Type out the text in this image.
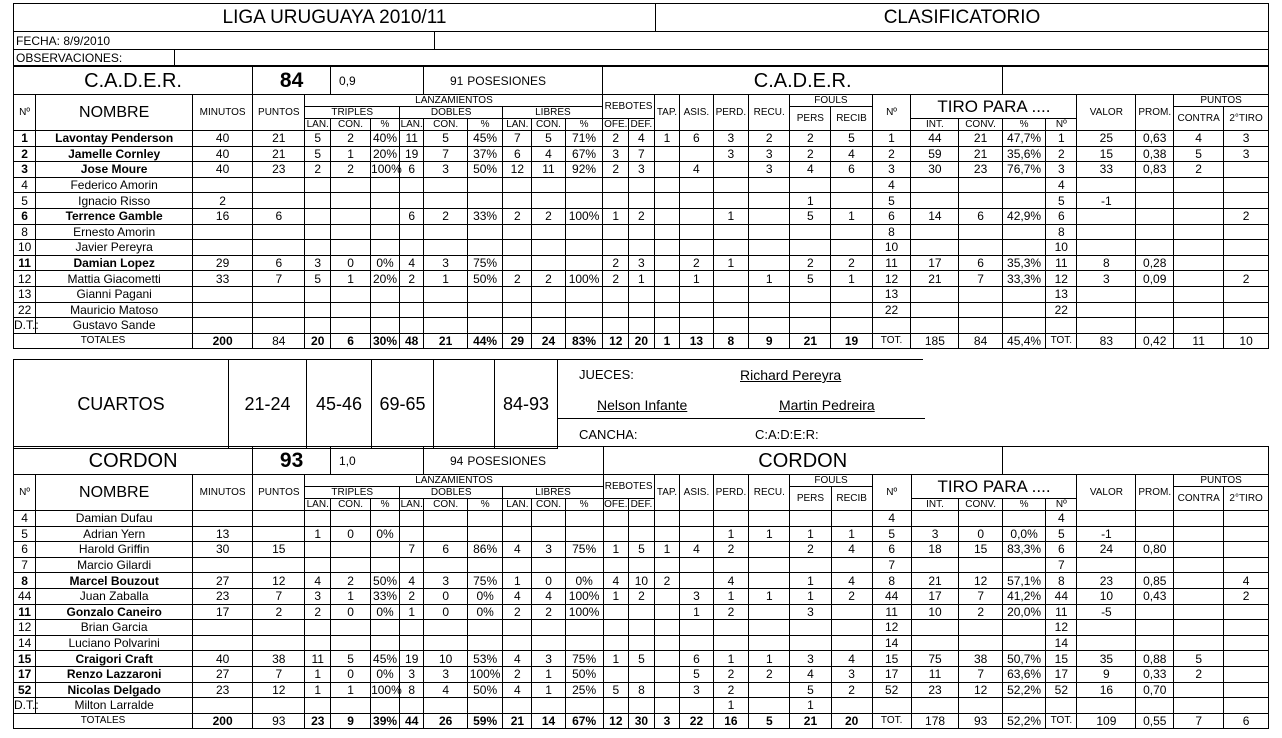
LIGA URUGUAYA 2010/11	CLASIFICATORIO
FECHA: 8/9/2010
OBSERVACIONES:
C.A.D.E.R.			84		0,9			91	POSESIONES				C.A.D.E.R.																
Nº	NOMBRE	MINUTOS	PUNTOS	LANZAMIENTOS									REBOTES		TAP.	ASIS.	PERD.	RECU.	FOULS		Nº	TIRO PARA ....				VALOR	PROM.	PUNTOS	
				TRIPLES			DOBLES			LIBRES									PERS	RECIB								CONTRA	2°TIRO
				LAN.	CON.	%	LAN.	CON.	%	LAN.	CON.	%	OFE.	DEF.								INT.	CONV.	%	Nº				
1	Lavontay Penderson	40	21	5	2	40%	11	5	45%	7	5	71%	2	4	1	6	3	2	2	5	1	44	21	47,7%	1	25	0,63	4	3
2	Jamelle Cornley	40	21	5	1	20%	19	7	37%	6	4	67%	3	7			3	3	2	4	2	59	21	35,6%	2	15	0,38	5	3
3	Jose Moure	40	23	2	2	100%	6	3	50%	12	11	92%	2	3		4		3	4	6	3	30	23	76,7%	3	33	0,83	2	
4	Federico Amorin																				4				4				
5	Ignacio Risso	2																	1		5				5	-1			
6	Terrence Gamble	16	6				6	2	33%	2	2	100%	1	2			1		5	1	6	14	6	42,9%	6				2
8	Ernesto Amorin																				8				8				
10	Javier Pereyra																				10				10				
11	Damian Lopez	29	6	3	0	0%	4	3	75%				2	3		2	1		2	2	11	17	6	35,3%	11	8	0,28		
12	Mattia Giacometti	33	7	5	1	20%	2	1	50%	2	2	100%	2	1		1		1	5	1	12	21	7	33,3%	12	3	0,09		2
13	Gianni Pagani																				13				13				
22	Mauricio Matoso																				22				22				
D.T.:	Gustavo Sande																												
TOTALES		200	84	20	6	30%	48	21	44%	29	24	83%	12	20	1	13	8	9	21	19	TOT.	185	84	45,4%	TOT.	83	0,42	11	10
CUARTOS	21-24	45-46	69-65		84-93	
JUECES:	Richard Pereyra
Nelson Infante	Martin Pedreira
CANCHA:	C:A:D:E:R:
CORDON			93		1,0			94	POSESIONES				CORDON																
Nº	NOMBRE	MINUTOS	PUNTOS	LANZAMIENTOS									REBOTES		TAP.	ASIS.	PERD.	RECU.	FOULS		Nº	TIRO PARA ....				VALOR	PROM.	PUNTOS	
				TRIPLES			DOBLES			LIBRES									PERS	RECIB								CONTRA	2°TIRO
				LAN.	CON.	%	LAN.	CON.	%	LAN.	CON.	%	OFE.	DEF.								INT.	CONV.	%	Nº				
4	Damian Dufau																				4				4				
5	Adrian Yern	13		1	0	0%											1	1	1	1	5	3	0	0,0%	5	-1			
6	Harold Griffin	30	15				7	6	86%	4	3	75%	1	5	1	4	2		2	4	6	18	15	83,3%	6	24	0,80		
7	Marcio Gilardi																				7				7				
8	Marcel Bouzout	27	12	4	2	50%	4	3	75%	1	0	0%	4	10	2		4		1	4	8	21	12	57,1%	8	23	0,85		4
44	Juan Zaballa	23	7	3	1	33%	2	0	0%	4	4	100%	1	2		3	1	1	1	2	44	17	7	41,2%	44	10	0,43		2
11	Gonzalo Caneiro	17	2	2	0	0%	1	0	0%	2	2	100%				1	2		3		11	10	2	20,0%	11	-5			
12	Brian Garcia																				12				12				
14	Luciano Polvarini																				14				14				
15	Craigori Craft	40	38	11	5	45%	19	10	53%	4	3	75%	1	5		6	1	1	3	4	15	75	38	50,7%	15	35	0,88	5	
17	Renzo Lazzaroni	27	7	1	0	0%	3	3	100%	2	1	50%				5	2	2	4	3	17	11	7	63,6%	17	9	0,33	2	
52	Nicolas Delgado	23	12	1	1	100%	8	4	50%	4	1	25%	5	8		3	2		5	2	52	23	12	52,2%	52	16	0,70		
D.T.:	Milton Larralde																1		1										
TOTALES		200	93	23	9	39%	44	26	59%	21	14	67%	12	30	3	22	16	5	21	20	TOT.	178	93	52,2%	TOT.	109	0,55	7	6
